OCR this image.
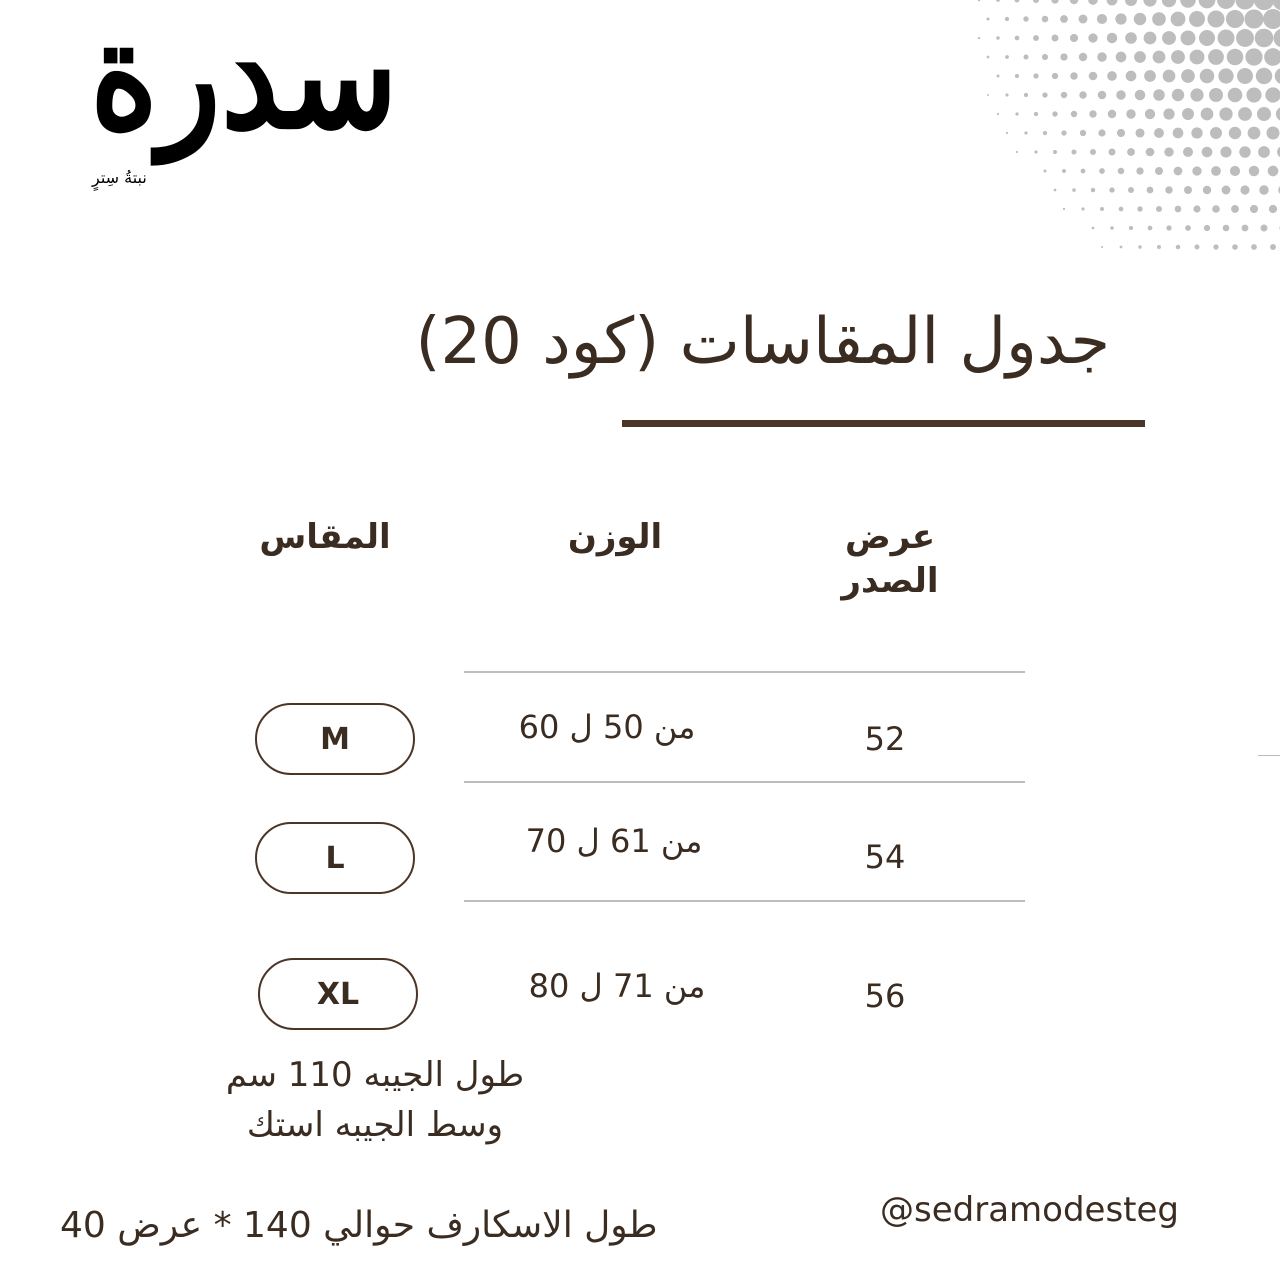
سدرة
نبتةُ سِترٍ
جدول المقاسات (كود 20)
المقاس	الوزن	عرض الصدر
M	من 50 ل 60	52
L	من 61 ل 70	54
XL	من 71 ل 80	56
طول الجيبه 110 سم
وسط الجيبه استك
@sedramodesteg
طول الاسكارف حوالي 140 * عرض 40
